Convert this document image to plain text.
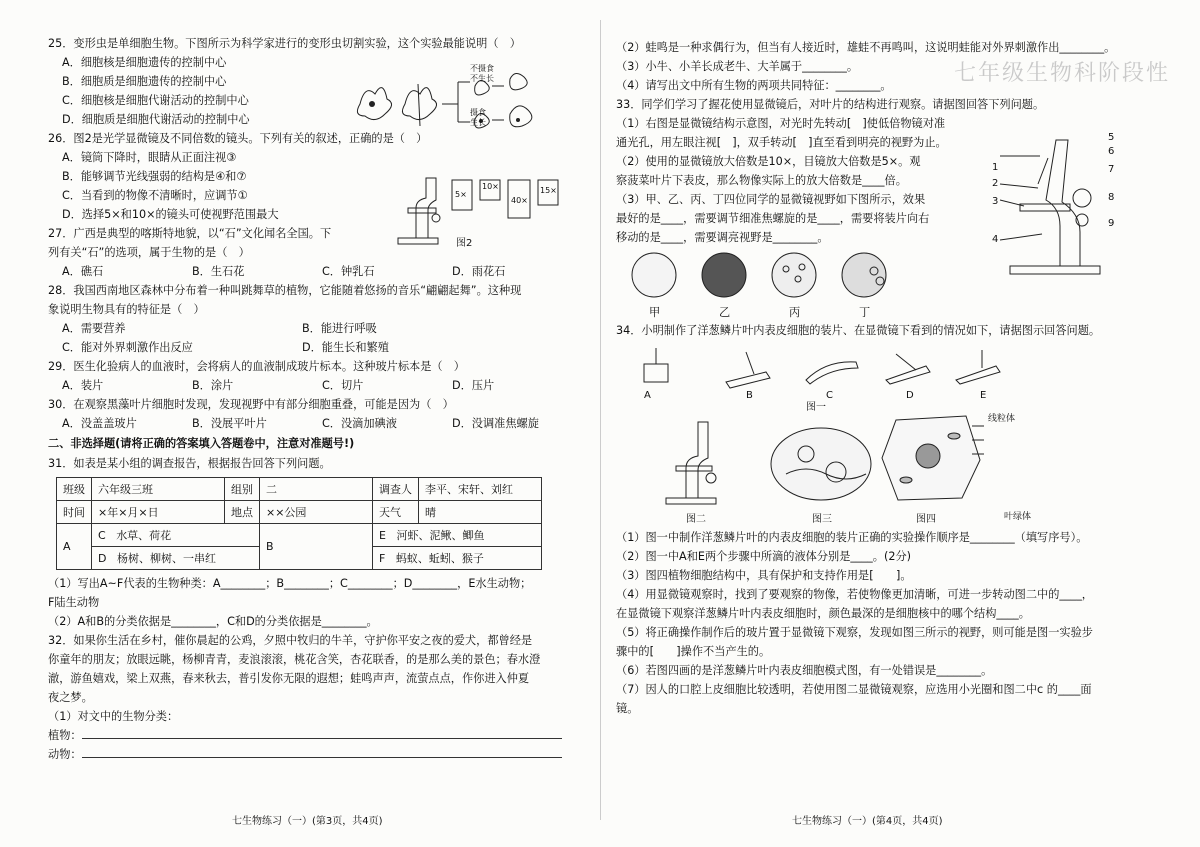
七年级生物科阶段性

25．变形虫是单细胞生物。下图所示为科学家进行的变形虫切割实验，这个实验最能说明（　）

A．细胞核是细胞遗传的控制中心

B．细胞质是细胞遗传的控制中心

C．细胞核是细胞代谢活动的控制中心

D．细胞质是细胞代谢活动的控制中心

26．图2是光学显微镜及不同倍数的镜头。下列有关的叙述，正确的是（　）

A．镜筒下降时，眼睛从正面注视③

B．能够调节光线强弱的结构是④和⑦

C．当看到的物像不清晰时，应调节①

D．选择5×和10×的镜头可使视野范围最大

27．广西是典型的喀斯特地貌，以“石”文化闻名全国。下

列有关“石”的选项，属于生物的是（　）

A．礁石	B．生石花	C．钟乳石	D．雨花石

28．我国西南地区森林中分布着一种叫跳舞草的植物，它能随着悠扬的音乐“翩翩起舞”。这种现

象说明生物具有的特征是（　）

A．需要营养	B．能进行呼吸
C．能对外界刺激作出反应	D．能生长和繁殖

29．医生化验病人的血液时，会将病人的血液制成玻片标本。这种玻片标本是（　）

A．装片	B．涂片	C．切片	D．压片

30．在观察黑藻叶片细胞时发现，发现视野中有部分细胞重叠，可能是因为（　）

A．没盖盖玻片	B．没展平叶片	C．没滴加碘液	D．没调准焦螺旋

二、非选择题(请将正确的答案填入答题卷中，注意对准题号!)

31．如表是某小组的调查报告，根据报告回答下列问题。

班级	六年级三班	组别	二	调查人	李平、宋轩、刘红
时间	×年×月×日	地点	××公园	天气	晴
A	C 水草、荷花		B	E 河虾、泥鳅、鲫鱼	
	D 杨树、柳树、一串红			F 蚂蚁、蚯蚓、猴子	

（1）写出A~F代表的生物种类：A________；B________；C________；D________，E水生动物；

F陆生动物

（2）A和B的分类依据是________，C和D的分类依据是________。

32．如果你生活在乡村，催你晨起的公鸡，夕照中牧归的牛羊，守护你平安之夜的爱犬，都曾经是

你童年的朋友；放眼远眺，杨柳青青，麦浪滚滚，桃花含笑，杏花联香，的是那么美的景色；春水澄

澈，游鱼嬉戏，梁上双燕，春来秋去，普引发你无限的遐想；蛙鸣声声，流萤点点，作你进入仲夏

夜之梦。

（1）对文中的生物分类：

植物：

动物：

不摄食
不生长
摄食
生长
5×
10×
40×
15×
图2

（2）蛙鸣是一种求偶行为，但当有人接近时，雄蛙不再鸣叫，这说明蛙能对外界刺激作出________。

（3）小牛、小羊长成老牛、大羊属于________。

（4）请写出文中所有生物的两项共同特征：________。

33．同学们学习了握花使用显微镜后，对叶片的结构进行观察。请据图回答下列问题。

（1）右图是显微镜结构示意图，对光时先转动[　]使低倍物镜对准

通光孔，用左眼注视[　]，双手转动[　]直至看到明亮的视野为止。

（2）使用的显微镜放大倍数是10×，目镜放大倍数是5×。观

察菠菜叶片下表皮，那么物像实际上的放大倍数是____倍。

（3）甲、乙、丙、丁四位同学的显微镜视野如下图所示，效果

最好的是____，需要调节细准焦螺旋的是____，需要将装片向右

移动的是____，需要调亮视野是________。

甲	乙	丙	丁

34．小明制作了洋葱鳞片叶内表皮细胞的装片、在显微镜下看到的情况如下，请据图示回答问题。

A	B	C	D	E
图一
图二	图三
线粒体
图四	叶绿体

（1）图一中制作洋葱鳞片叶的内表皮细胞的装片正确的实验操作顺序是________（填写序号）。

（2）图一中A和E两个步骤中所滴的液体分别是____。(2分)

（3）图四植物细胞结构中，具有保护和支持作用是[　　]。

（4）用显微镜观察时，找到了要观察的物像，若使物像更加清晰，可进一步转动图二中的____，

在显微镜下观察洋葱鳞片叶内表皮细胞时，颜色最深的是细胞核中的哪个结构____。

（5）将正确操作制作后的玻片置于显微镜下观察，发现如图三所示的视野，则可能是图一实验步

骤中的[　　]操作不当产生的。

（6）若图四画的是洋葱鳞片叶内表皮细胞模式图，有一处错误是________。

（7）因人的口腔上皮细胞比较透明，若使用图二显微镜观察，应选用小光圈和图二中c 的____面

镜。

5
6
7
1
2
8
3
9
4
七生物练习（一）(第3页，共4页)	七生物练习（一）(第4页，共4页)
